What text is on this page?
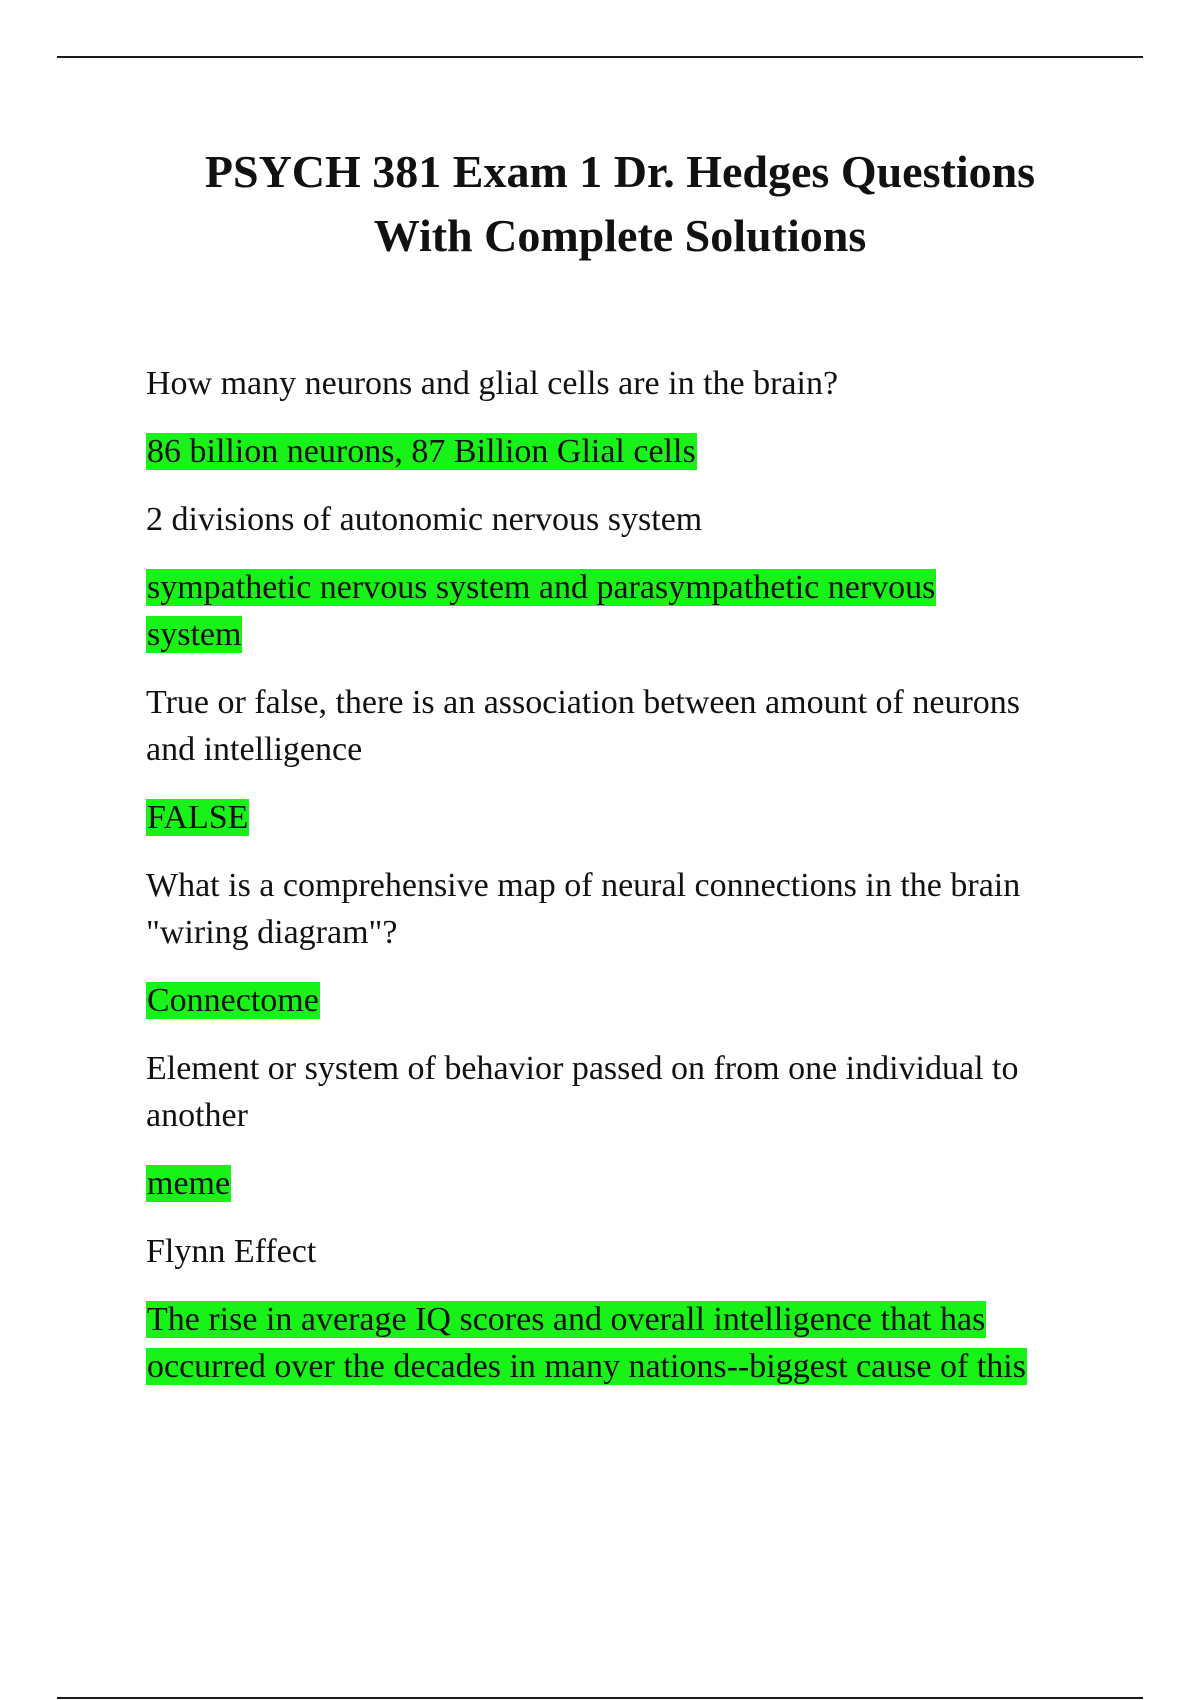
PSYCH 381 Exam 1 Dr. Hedges Questions
With Complete Solutions

How many neurons and glial cells are in the brain?

86 billion neurons, 87 Billion Glial cells

2 divisions of autonomic nervous system

sympathetic nervous system and parasympathetic nervous
system

True or false, there is an association between amount of neurons
and intelligence

FALSE

What is a comprehensive map of neural connections in the brain
"wiring diagram"?

Connectome

Element or system of behavior passed on from one individual to
another

meme

Flynn Effect

The rise in average IQ scores and overall intelligence that has
occurred over the decades in many nations--biggest cause of this
